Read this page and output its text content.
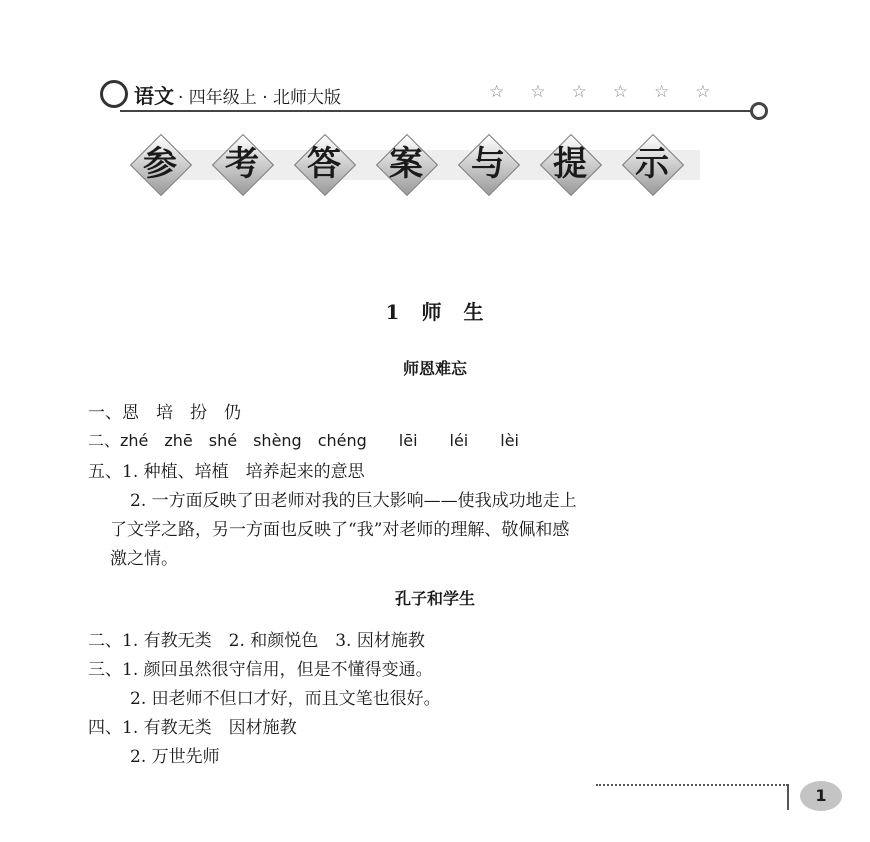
语文 · 四年级上 · 北师大版	☆☆☆☆☆☆
参	考	答	案	与	提	示
1　师　生
师恩难忘
一、恩　培　扮　仍
二、zhé　zhē　shé　shèng　chéng　　lēi　　léi　　lèi
五、1. 种植、培植　培养起来的意思
2. 一方面反映了田老师对我的巨大影响——使我成功地走上
了文学之路，另一方面也反映了“我”对老师的理解、敬佩和感
激之情。
孔子和学生
二、1. 有教无类　2. 和颜悦色　3. 因材施教
三、1. 颜回虽然很守信用，但是不懂得变通。
2. 田老师不但口才好，而且文笔也很好。
四、1. 有教无类　因材施教
2. 万世先师
1
